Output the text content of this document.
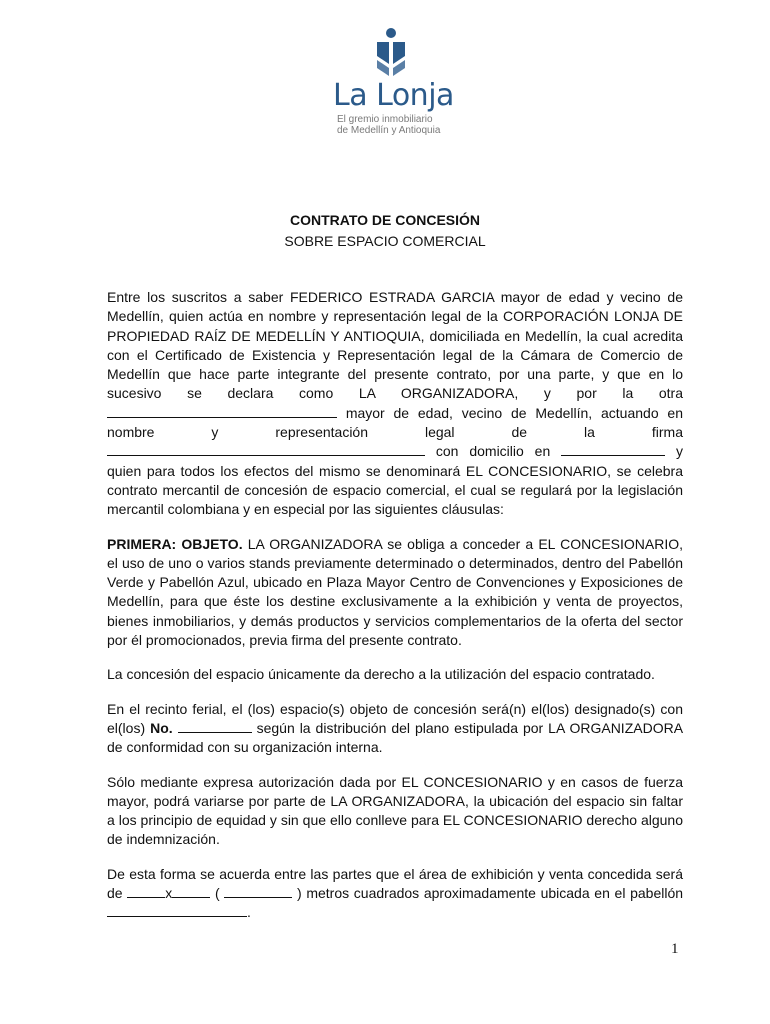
La Lonja
El gremio inmobiliario
de Medellín y Antioquia
CONTRATO DE CONCESIÓN
SOBRE ESPACIO COMERCIAL

Entre los suscritos a saber FEDERICO ESTRADA GARCIA mayor de edad y vecino de Medellín, quien actúa en nombre y representación legal de la CORPORACIÓN LONJA DE PROPIEDAD RAÍZ DE MEDELLÍN Y ANTIOQUIA, domiciliada en Medellín, la cual acredita con el Certificado de Existencia y Representación legal de la Cámara de Comercio de Medellín que hace parte integrante del presente contrato, por una parte, y que en lo sucesivo se declara como LA ORGANIZADORA, y por la otra  mayor de edad, vecino de Medellín, actuando en nombre y representación legal de la firma  con domicilio en	y quien para todos los efectos del mismo se denominará EL CONCESIONARIO, se celebra contrato mercantil de concesión de espacio comercial, el cual se regulará por la legislación mercantil colombiana y en especial por las siguientes cláusulas:

PRIMERA: OBJETO. LA ORGANIZADORA se obliga a conceder a EL CONCESIONARIO, el uso de uno o varios stands previamente determinado o determinados, dentro del Pabellón Verde y Pabellón Azul, ubicado en Plaza Mayor Centro de Convenciones y Exposiciones de Medellín, para que éste los destine exclusivamente a la exhibición y venta de proyectos, bienes inmobiliarios, y demás productos y servicios complementarios de la oferta del sector por él promocionados, previa firma del presente contrato.

La concesión del espacio únicamente da derecho a la utilización del espacio contratado.

En el recinto ferial, el (los) espacio(s) objeto de concesión será(n) el(los) designado(s) con el(los) No.	según la distribución del plano estipulada por LA ORGANIZADORA de conformidad con su organización interna.

Sólo mediante expresa autorización dada por EL CONCESIONARIO y en casos de fuerza mayor, podrá variarse por parte de LA ORGANIZADORA, la ubicación del espacio sin faltar a los principio de equidad y sin que ello conlleve para EL CONCESIONARIO derecho alguno de indemnización.

De esta forma se acuerda entre las partes que el área de exhibición y venta concedida será de	x	(	) metros cuadrados aproximadamente ubicada en el pabellón .

1
